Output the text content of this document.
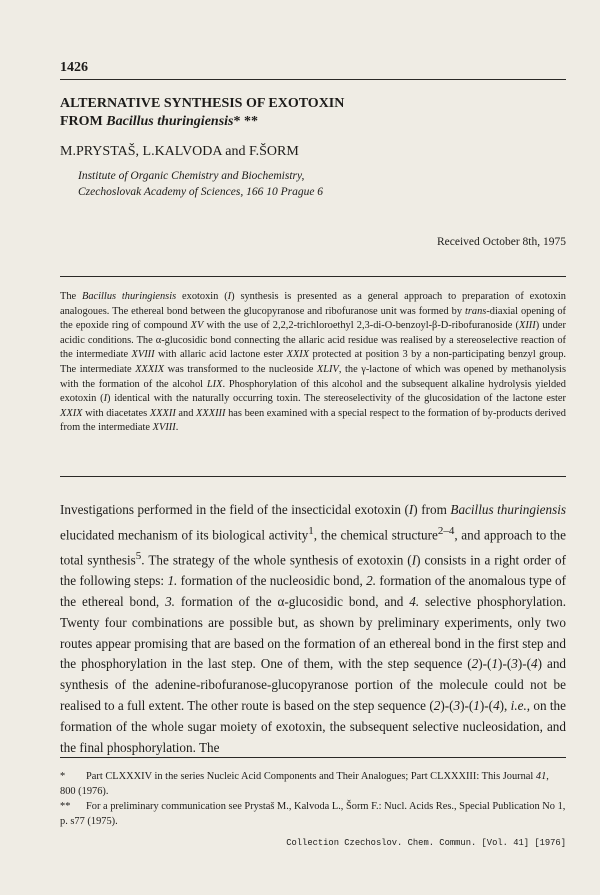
1426
ALTERNATIVE SYNTHESIS OF EXOTOXIN
FROM Bacillus thuringiensis* **
M.PRYSTAŠ, L.KALVODA and F.ŠORM
Institute of Organic Chemistry and Biochemistry,
Czechoslovak Academy of Sciences, 166 10 Prague 6
Received October 8th, 1975

The Bacillus thuringiensis exotoxin (I) synthesis is presented as a general approach to preparation of exotoxin analogoues. The ethereal bond between the glucopyranose and ribofuranose unit was formed by trans-diaxial opening of the epoxide ring of compound XV with the use of 2,2,2-trichloroethyl 2,3-di-O-benzoyl-β-D-ribofuranoside (XIII) under acidic conditions. The α-glucosidic bond connecting the allaric acid residue was realised by a stereoselective reaction of the intermediate XVIII with allaric acid lactone ester XXIX protected at position 3 by a non-participating benzyl group. The intermediate XXXIX was transformed to the nucleoside XLIV, the γ-lactone of which was opened by methanolysis with the formation of the alcohol LIX. Phosphorylation of this alcohol and the subsequent alkaline hydrolysis yielded exotoxin (I) identical with the naturally occurring toxin. The stereoselectivity of the glucosidation of the lactone ester XXIX with diacetates XXXII and XXXIII has been examined with a special respect to the formation of by-products derived from the intermediate XVIII.

Investigations performed in the field of the insecticidal exotoxin (I) from Bacillus thuringiensis elucidated mechanism of its biological activity$^1$, the chemical structure$^{2-4}$, and approach to the total synthesis$^5$. The strategy of the whole synthesis of exotoxin (I) consists in a right order of the following steps: 1. formation of the nucleosidic bond, 2. formation of the anomalous type of the ethereal bond, 3. formation of the α-glucosidic bond, and 4. selective phosphorylation. Twenty four combinations are possible but, as shown by preliminary experiments, only two routes appear promising that are based on the formation of an ethereal bond in the first step and the phosphorylation in the last step. One of them, with the step sequence (2)-(1)-(3)-(4) and synthesis of the adenine-ribofuranose-glucopyranose portion of the molecule could not be realised to a full extent. The other route is based on the step sequence (2)-(3)-(1)-(4), i.e., on the formation of the whole sugar moiety of exotoxin, the subsequent selective nucleosidation, and the final phosphorylation. The

* Part CLXXXIV in the series Nucleic Acid Components and Their Analogues; Part CLXXXIII: This Journal 41, 800 (1976).

** For a preliminary communication see Prystaš M., Kalvoda L., Šorm F.: Nucl. Acids Res., Special Publication No 1, p. s77 (1975).

Collection Czechoslov. Chem. Commun. [Vol. 41] [1976]
